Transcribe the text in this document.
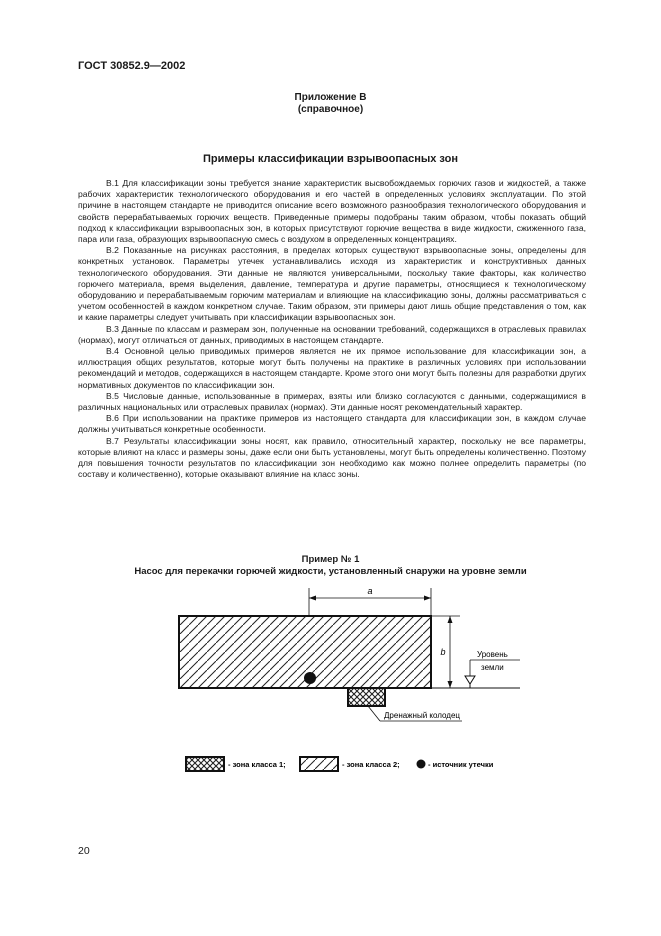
ГОСТ 30852.9—2002
Приложение В
(справочное)
Примеры классификации взрывоопасных зон

В.1 Для классификации зоны требуется знание характеристик высвобождаемых горючих газов и жидкостей, а также рабочих характеристик технологического оборудования и его частей в определенных условиях эксплуатации. По этой причине в настоящем стандарте не приводится описание всего возможного разнообразия технологического оборудования и свойств перерабатываемых горючих веществ. Приведенные примеры подобраны таким образом, чтобы показать общий подход к классификации взрывоопасных зон, в которых присутствуют горючие вещества в виде жидкости, сжиженного газа, пара или газа, образующих взрывоопасную смесь с воздухом в определенных концентрациях.

В.2 Показанные на рисунках расстояния, в пределах которых существуют взрывоопасные зоны, определены для конкретных установок. Параметры утечек устанавливались исходя из характеристик и конструктивных данных технологического оборудования. Эти данные не являются универсальными, поскольку такие факторы, как количество горючего материала, время выделения, давление, температура и другие параметры, относящиеся к технологическому оборудованию и перерабатываемым горючим материалам и влияющие на классификацию зоны, должны рассматриваться с учетом особенностей в каждом конкретном случае. Таким образом, эти примеры дают лишь общие представления о том, как и какие параметры следует учитывать при классификации взрывоопасных зон.

В.3 Данные по классам и размерам зон, полученные на основании требований, содержащихся в отраслевых правилах (нормах), могут отличаться от данных, приводимых в настоящем стандарте.

В.4 Основной целью приводимых примеров является не их прямое использование для классификации зон, а иллюстрация общих результатов, которые могут быть получены на практике в различных условиях при использовании рекомендаций и методов, содержащихся в настоящем стандарте. Кроме этого они могут быть полезны для разработки других нормативных документов по классификации зон.

В.5 Числовые данные, использованные в примерах, взяты или близко согласуются с данными, содержащимися в различных национальных или отраслевых правилах (нормах). Эти данные носят рекомендательный характер.

В.6 При использовании на практике примеров из настоящего стандарта для классификации зон, в каждом случае должны учитываться конкретные особенности.

В.7 Результаты классификации зоны носят, как правило, относительный характер, поскольку не все параметры, которые влияют на класс и размеры зоны, даже если они быть установлены, могут быть определены количественно. Поэтому для повышения точности результатов по классификации зон необходимо как можно полнее определить параметры (по составу и количественно), которые оказывают влияние на класс зоны.

Пример № 1
Насос для перекачки горючей жидкости, установленный снаружи на уровне земли
a
b	Уровень
земли
Дренажный колодец
- зона класса 1;	- зона класса 2;	- источник утечки
20
